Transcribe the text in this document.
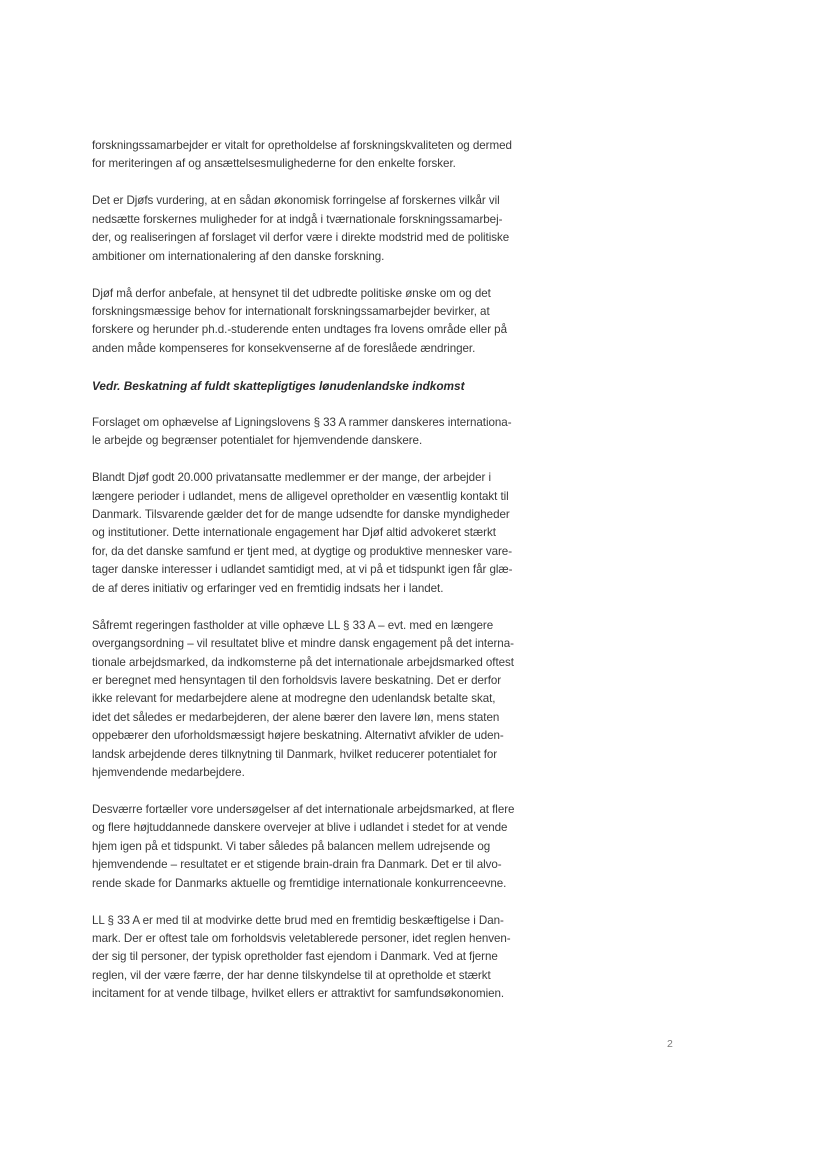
forskningssamarbejder er vitalt for opretholdelse af forskningskvaliteten og dermed
for meriteringen af og ansættelsesmulighederne for den enkelte forsker.

Det er Djøfs vurdering, at en sådan økonomisk forringelse af forskernes vilkår vil
nedsætte forskernes muligheder for at indgå i tværnationale forskningssamarbej-
der, og realiseringen af forslaget vil derfor være i direkte modstrid med de politiske
ambitioner om internationalering af den danske forskning.

Djøf må derfor anbefale, at hensynet til det udbredte politiske ønske om og det
forskningsmæssige behov for internationalt forskningssamarbejder bevirker, at
forskere og herunder ph.d.-studerende enten undtages fra lovens område eller på
anden måde kompenseres for konsekvenserne af de foreslåede ændringer.

Vedr. Beskatning af fuldt skattepligtiges lønudenlandske indkomst

Forslaget om ophævelse af Ligningslovens § 33 A rammer danskeres internationa-
le arbejde og begrænser potentialet for hjemvendende danskere.

Blandt Djøf godt 20.000 privatansatte medlemmer er der mange, der arbejder i
længere perioder i udlandet, mens de alligevel opretholder en væsentlig kontakt til
Danmark. Tilsvarende gælder det for de mange udsendte for danske myndigheder
og institutioner. Dette internationale engagement har Djøf altid advokeret stærkt
for, da det danske samfund er tjent med, at dygtige og produktive mennesker vare-
tager danske interesser i udlandet samtidigt med, at vi på et tidspunkt igen får glæ-
de af deres initiativ og erfaringer ved en fremtidig indsats her i landet.

Såfremt regeringen fastholder at ville ophæve LL § 33 A – evt. med en længere
overgangsordning – vil resultatet blive et mindre dansk engagement på det interna-
tionale arbejdsmarked, da indkomsterne på det internationale arbejdsmarked oftest
er beregnet med hensyntagen til den forholdsvis lavere beskatning. Det er derfor
ikke relevant for medarbejdere alene at modregne den udenlandsk betalte skat,
idet det således er medarbejderen, der alene bærer den lavere løn, mens staten
oppebærer den uforholdsmæssigt højere beskatning. Alternativt afvikler de uden-
landsk arbejdende deres tilknytning til Danmark, hvilket reducerer potentialet for
hjemvendende medarbejdere.

Desværre fortæller vore undersøgelser af det internationale arbejdsmarked, at flere
og flere højtuddannede danskere overvejer at blive i udlandet i stedet for at vende
hjem igen på et tidspunkt. Vi taber således på balancen mellem udrejsende og
hjemvendende – resultatet er et stigende brain-drain fra Danmark. Det er til alvo-
rende skade for Danmarks aktuelle og fremtidige internationale konkurrenceevne.

LL § 33 A er med til at modvirke dette brud med en fremtidig beskæftigelse i Dan-
mark. Der er oftest tale om forholdsvis veletablerede personer, idet reglen henven-
der sig til personer, der typisk opretholder fast ejendom i Danmark. Ved at fjerne
reglen, vil der være færre, der har denne tilskyndelse til at opretholde et stærkt
incitament for at vende tilbage, hvilket ellers er attraktivt for samfundsøkonomien.

2
